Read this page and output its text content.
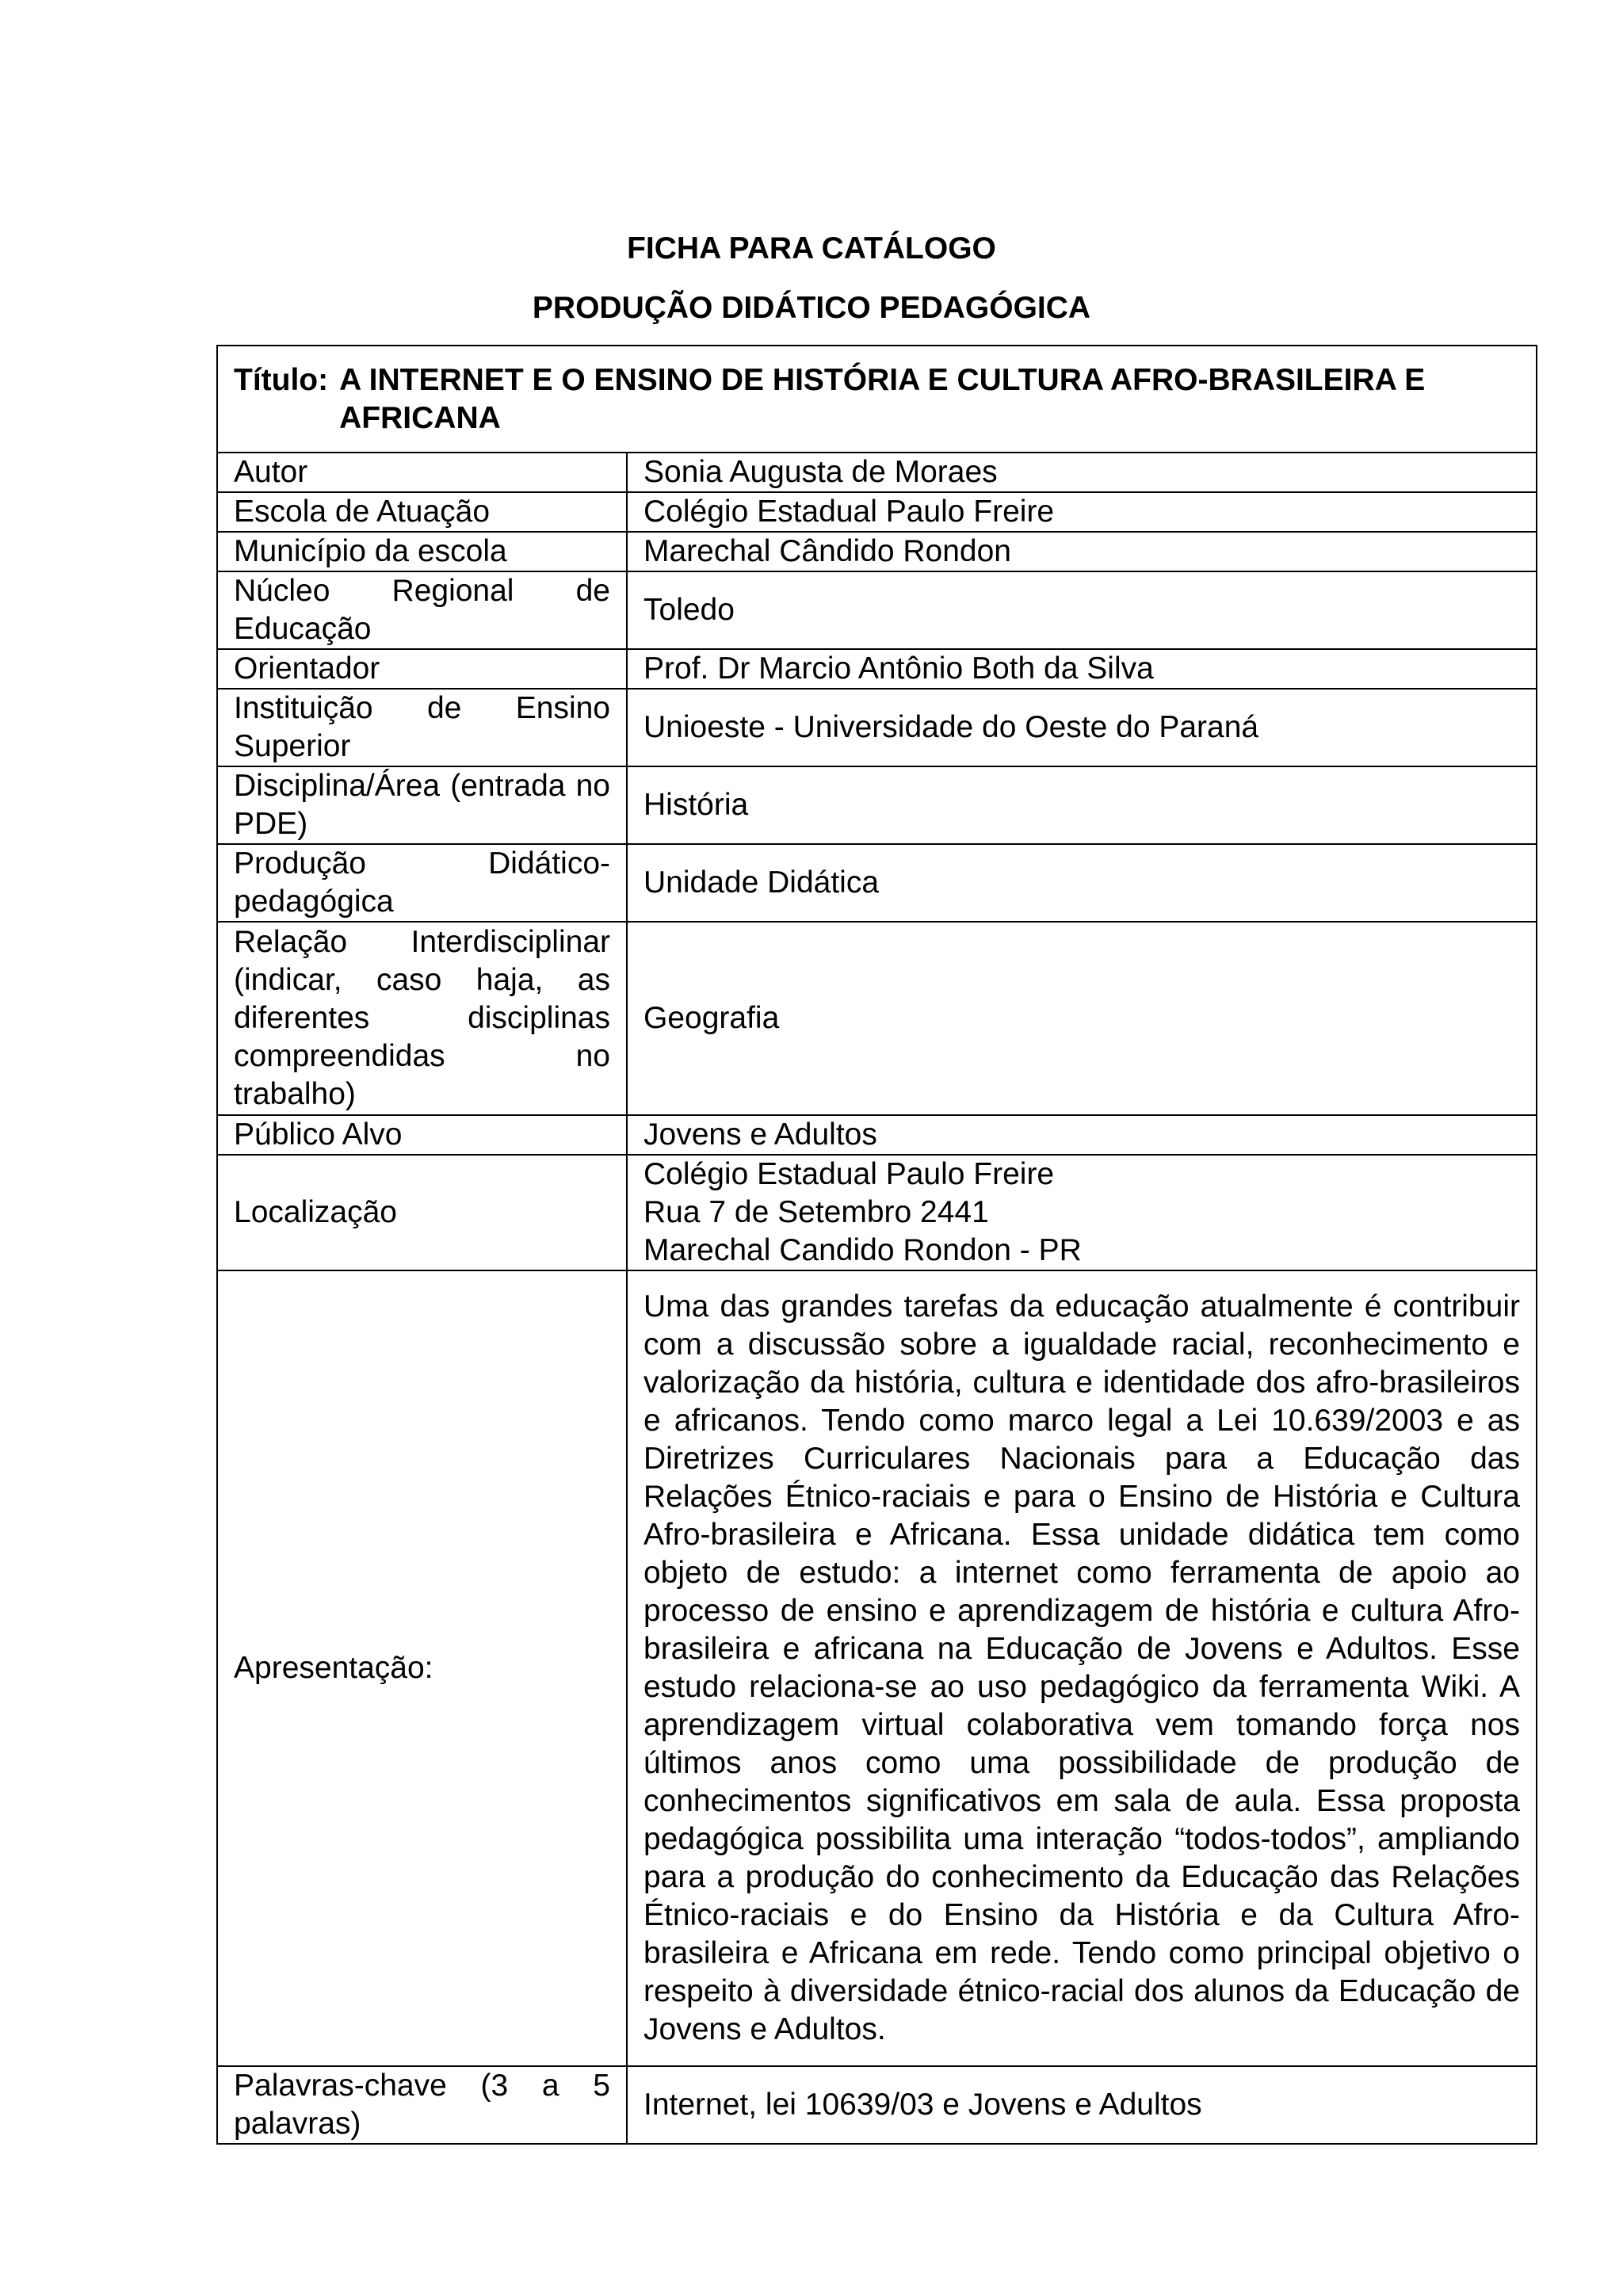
FICHA PARA CATÁLOGO
PRODUÇÃO DIDÁTICO PEDAGÓGICA
Título: A INTERNET E O ENSINO DE HISTÓRIA E CULTURA AFRO-BRASILEIRA E AFRICANA	

Autor	Sonia Augusta de Moraes
Escola de Atuação	Colégio Estadual Paulo Freire
Município da escola	Marechal Cândido Rondon
Núcleo Regional de Educação	Toledo
Orientador	Prof. Dr Marcio Antônio Both da Silva
Instituição de Ensino Superior	Unioeste - Universidade do Oeste do Paraná
Disciplina/Área (entrada no PDE)	História
Produção Didático-pedagógica	Unidade Didática
Relação Interdisciplinar (indicar, caso haja, as diferentes disciplinas compreendidas no trabalho)	Geografia
Público Alvo	Jovens e Adultos
Localização	Colégio Estadual Paulo Freire
Rua 7 de Setembro 2441
Marechal Candido Rondon - PR

Apresentação:	Uma das grandes tarefas da educação atualmente é contribuir com a discussão sobre a igualdade racial, reconhecimento e valorização da história, cultura e identidade dos afro-brasileiros e africanos. Tendo como marco legal a Lei 10.639/2003 e as Diretrizes Curriculares Nacionais para a Educação das Relações Étnico-raciais e para o Ensino de História e Cultura Afro-brasileira e Africana. Essa unidade didática tem como objeto de estudo: a internet como ferramenta de apoio ao processo de ensino e aprendizagem de história e cultura Afro-brasileira e africana na Educação de Jovens e Adultos. Esse estudo relaciona-se ao uso pedagógico da ferramenta Wiki. A aprendizagem virtual colaborativa vem tomando força nos últimos anos como uma possibilidade de produção de conhecimentos significativos em sala de aula. Essa proposta pedagógica possibilita uma interação “todos-todos”, ampliando para a produção do conhecimento da Educação das Relações Étnico-raciais e do Ensino da História e da Cultura Afro-brasileira e Africana em rede. Tendo como principal objetivo o respeito à diversidade étnico-racial dos alunos da Educação de Jovens e Adultos.
Palavras-chave (3 a 5 palavras)	Internet, lei 10639/03 e Jovens e Adultos
